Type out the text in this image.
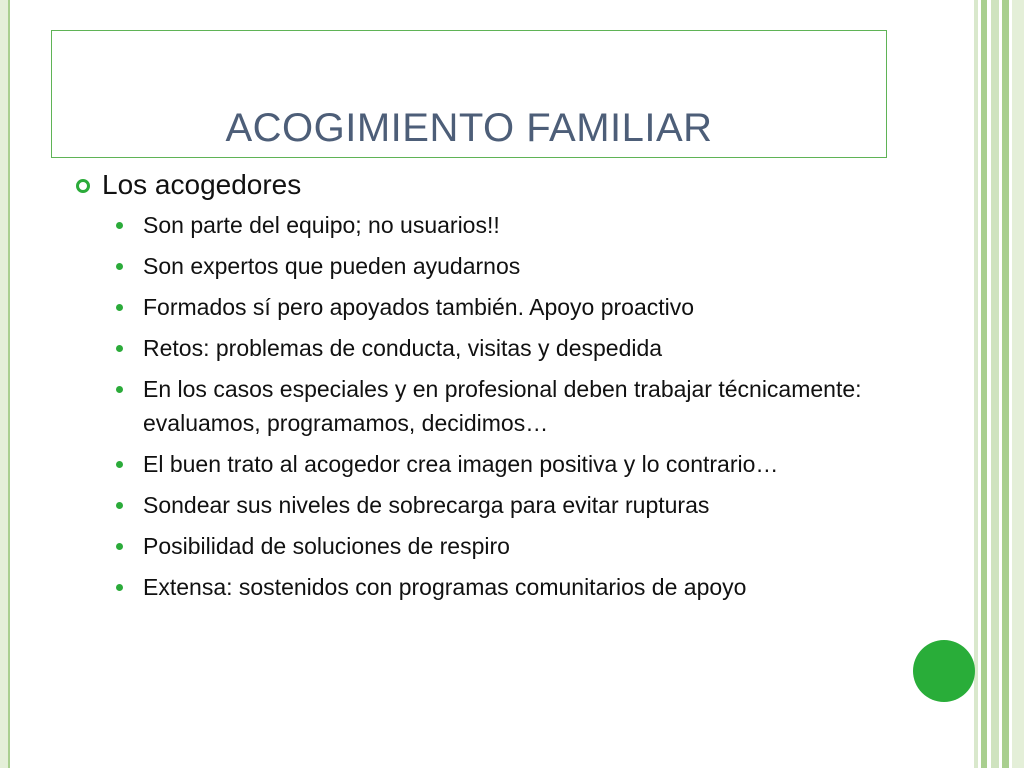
ACOGIMIENTO FAMILIAR
Los acogedores
Son parte del equipo; no usuarios!!
Son expertos que pueden ayudarnos
Formados sí pero apoyados también. Apoyo proactivo
Retos: problemas de conducta, visitas y despedida
En los casos especiales y en profesional deben trabajar técnicamente: evaluamos, programamos, decidimos…
El buen trato al acogedor crea imagen positiva y lo contrario…
Sondear sus niveles de sobrecarga para evitar rupturas
Posibilidad de soluciones de respiro
Extensa: sostenidos con programas comunitarios de apoyo
